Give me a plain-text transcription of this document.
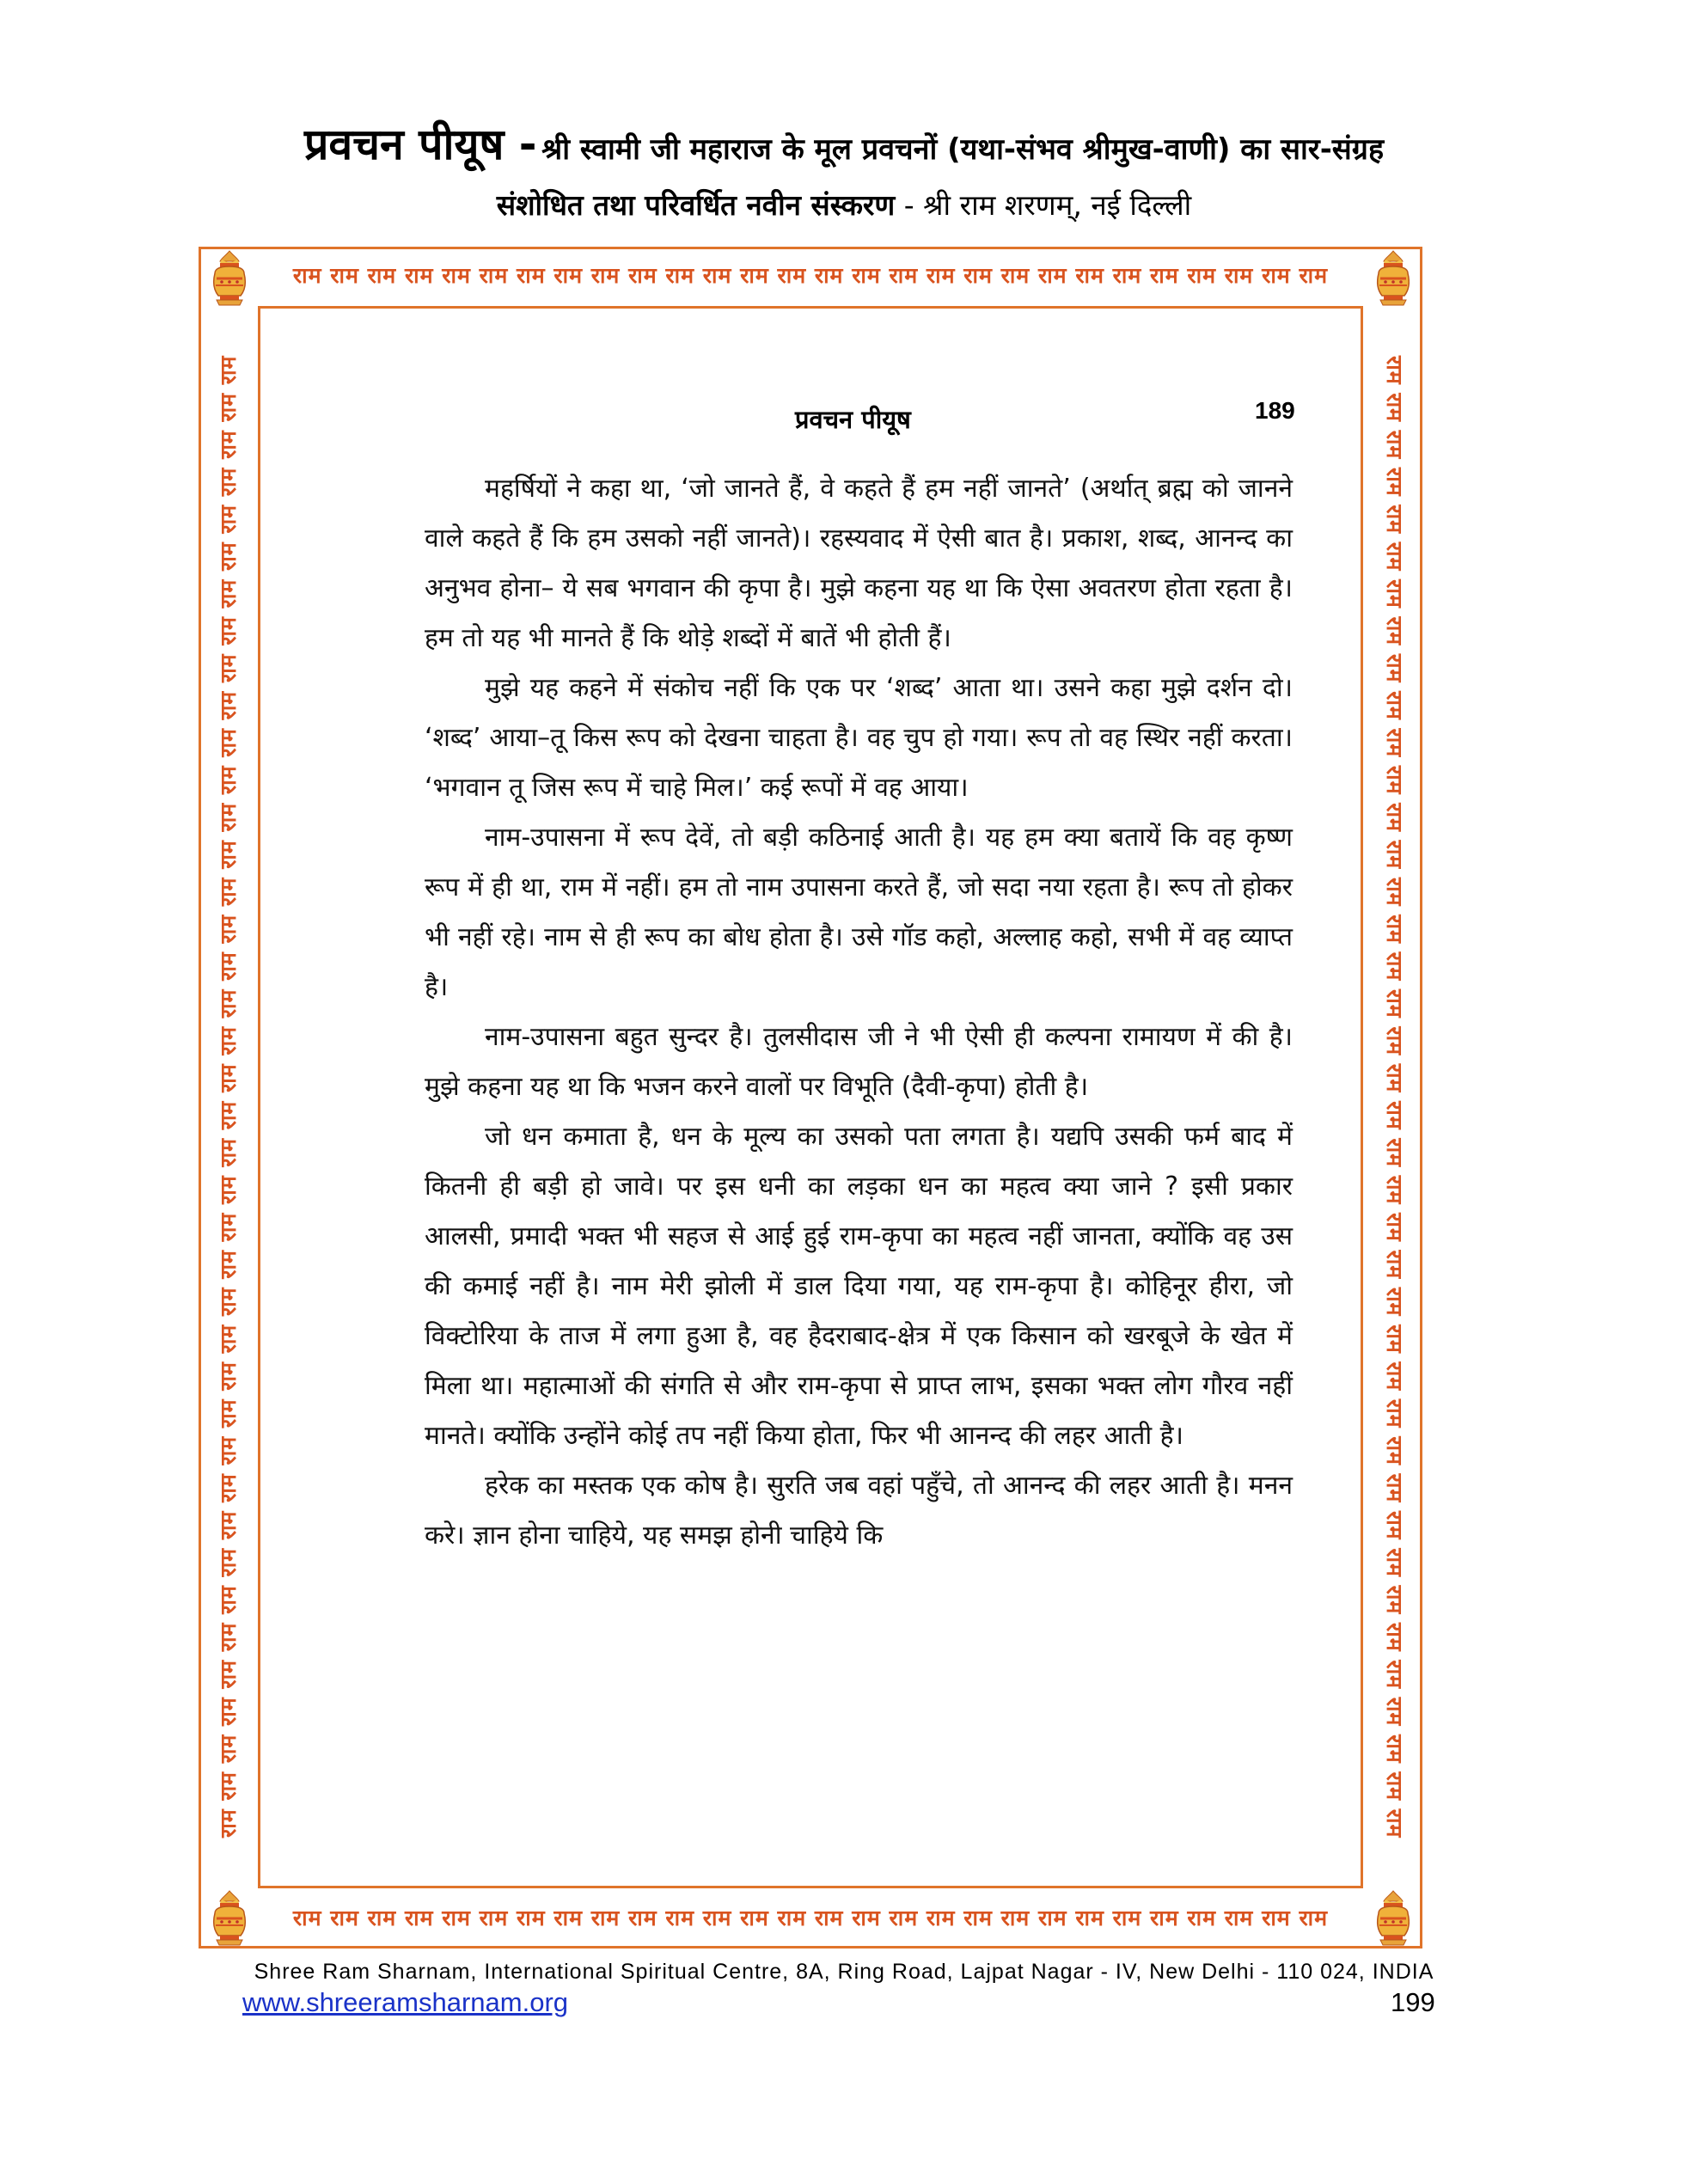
प्रवचन पीयूष - श्री स्वामी जी महाराज के मूल प्रवचनों (यथा-संभव श्रीमुख-वाणी) का सार-संग्रह
संशोधित तथा परिवर्धित नवीन संस्करण - श्री राम शरणम्, नई दिल्ली
राम राम राम राम राम राम राम राम राम राम राम राम राम राम राम राम राम राम राम राम राम राम राम राम राम राम राम राम
राम राम राम राम राम राम राम राम राम राम राम राम राम राम राम राम राम राम राम राम राम राम राम राम राम राम राम राम
राम राम राम राम राम राम राम राम राम राम राम राम राम राम राम राम राम राम राम राम राम राम राम राम राम राम राम राम राम राम राम राम राम राम राम राम राम राम राम राम	राम राम राम राम राम राम राम राम राम राम राम राम राम राम राम राम राम राम राम राम राम राम राम राम राम राम राम राम राम राम राम राम राम राम राम राम राम राम राम राम
प्रवचन पीयूष	189

महर्षियों ने कहा था, ‘जो जानते हैं, वे कहते हैं हम नहीं जानते’ (अर्थात् ब्रह्म को जानने वाले कहते हैं कि हम उसको नहीं जानते)। रहस्यवाद में ऐसी बात है। प्रकाश, शब्द, आनन्द का अनुभव होना– ये सब भगवान की कृपा है। मुझे कहना यह था कि ऐसा अवतरण होता रहता है। हम तो यह भी मानते हैं कि थोड़े शब्दों में बातें भी होती हैं।

मुझे यह कहने में संकोच नहीं कि एक पर ‘शब्द’ आता था। उसने कहा मुझे दर्शन दो। ‘शब्द’ आया–तू किस रूप को देखना चाहता है। वह चुप हो गया। रूप तो वह स्थिर नहीं करता। ‘भगवान तू जिस रूप में चाहे मिल।’ कई रूपों में वह आया।

नाम-उपासना में रूप देवें, तो बड़ी कठिनाई आती है। यह हम क्या बतायें कि वह कृष्ण रूप में ही था, राम में नहीं। हम तो नाम उपासना करते हैं, जो सदा नया रहता है। रूप तो होकर भी नहीं रहे। नाम से ही रूप का बोध होता है। उसे गॉड कहो, अल्लाह कहो, सभी में वह व्याप्त है।

नाम-उपासना बहुत सुन्दर है। तुलसीदास जी ने भी ऐसी ही कल्पना रामायण में की है। मुझे कहना यह था कि भजन करने वालों पर विभूति (दैवी-कृपा) होती है।

जो धन कमाता है, धन के मूल्य का उसको पता लगता है। यद्यपि उसकी फर्म बाद में कितनी ही बड़ी हो जावे। पर इस धनी का लड़का धन का महत्व क्या जाने ? इसी प्रकार आलसी, प्रमादी भक्त भी सहज से आई हुई राम-कृपा का महत्व नहीं जानता, क्योंकि वह उस की कमाई नहीं है। नाम मेरी झोली में डाल दिया गया, यह राम-कृपा है। कोहिनूर हीरा, जो विक्टोरिया के ताज में लगा हुआ है, वह हैदराबाद-क्षेत्र में एक किसान को खरबूजे के खेत में मिला था। महात्माओं की संगति से और राम-कृपा से प्राप्त लाभ, इसका भक्त लोग गौरव नहीं मानते। क्योंकि उन्होंने कोई तप नहीं किया होता, फिर भी आनन्द की लहर आती है।

हरेक का मस्तक एक कोष है। सुरति जब वहां पहुँचे, तो आनन्द की लहर आती है। मनन करे। ज्ञान होना चाहिये, यह समझ होनी चाहिये कि

Shree Ram Sharnam, International Spiritual Centre, 8A, Ring Road, Lajpat Nagar - IV, New Delhi - 110 024, INDIA
www.shreeramsharnam.org	199
